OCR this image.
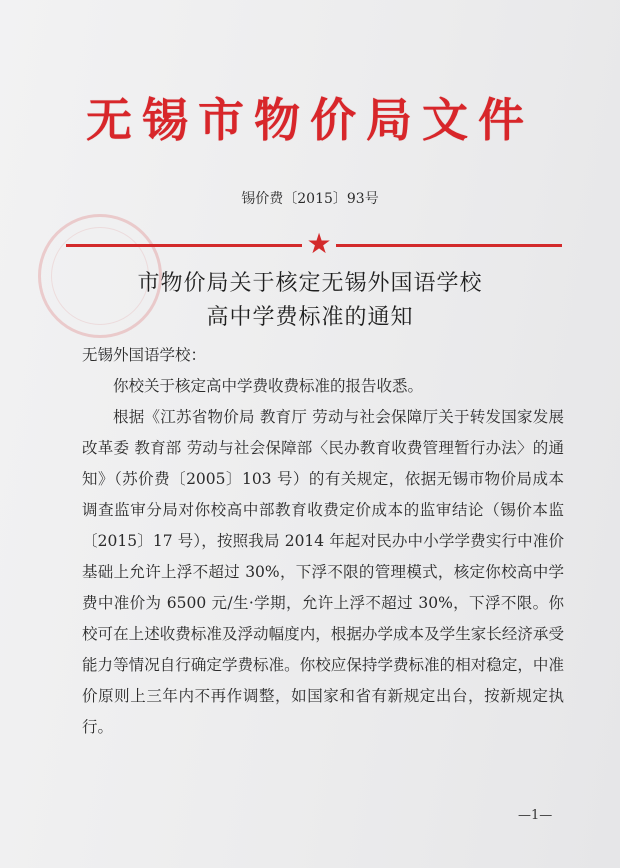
无锡市物价局文件
锡价费〔2015〕93号
★
市物价局关于核定无锡外国语学校
高中学费标准的通知

无锡外国语学校：

你校关于核定高中学费收费标准的报告收悉。

根据《江苏省物价局 教育厅 劳动与社会保障厅关于转发国家发展改革委 教育部 劳动与社会保障部〈民办教育收费管理暂行办法〉的通知》（苏价费〔2005〕103 号）的有关规定，依据无锡市物价局成本调查监审分局对你校高中部教育收费定价成本的监审结论（锡价本监〔2015〕17 号），按照我局 2014 年起对民办中小学学费实行中准价基础上允许上浮不超过 30%，下浮不限的管理模式，核定你校高中学费中准价为 6500 元/生·学期，允许上浮不超过 30%，下浮不限。你校可在上述收费标准及浮动幅度内，根据办学成本及学生家长经济承受能力等情况自行确定学费标准。你校应保持学费标准的相对稳定，中准价原则上三年内不再作调整，如国家和省有新规定出台，按新规定执行。

—1—
